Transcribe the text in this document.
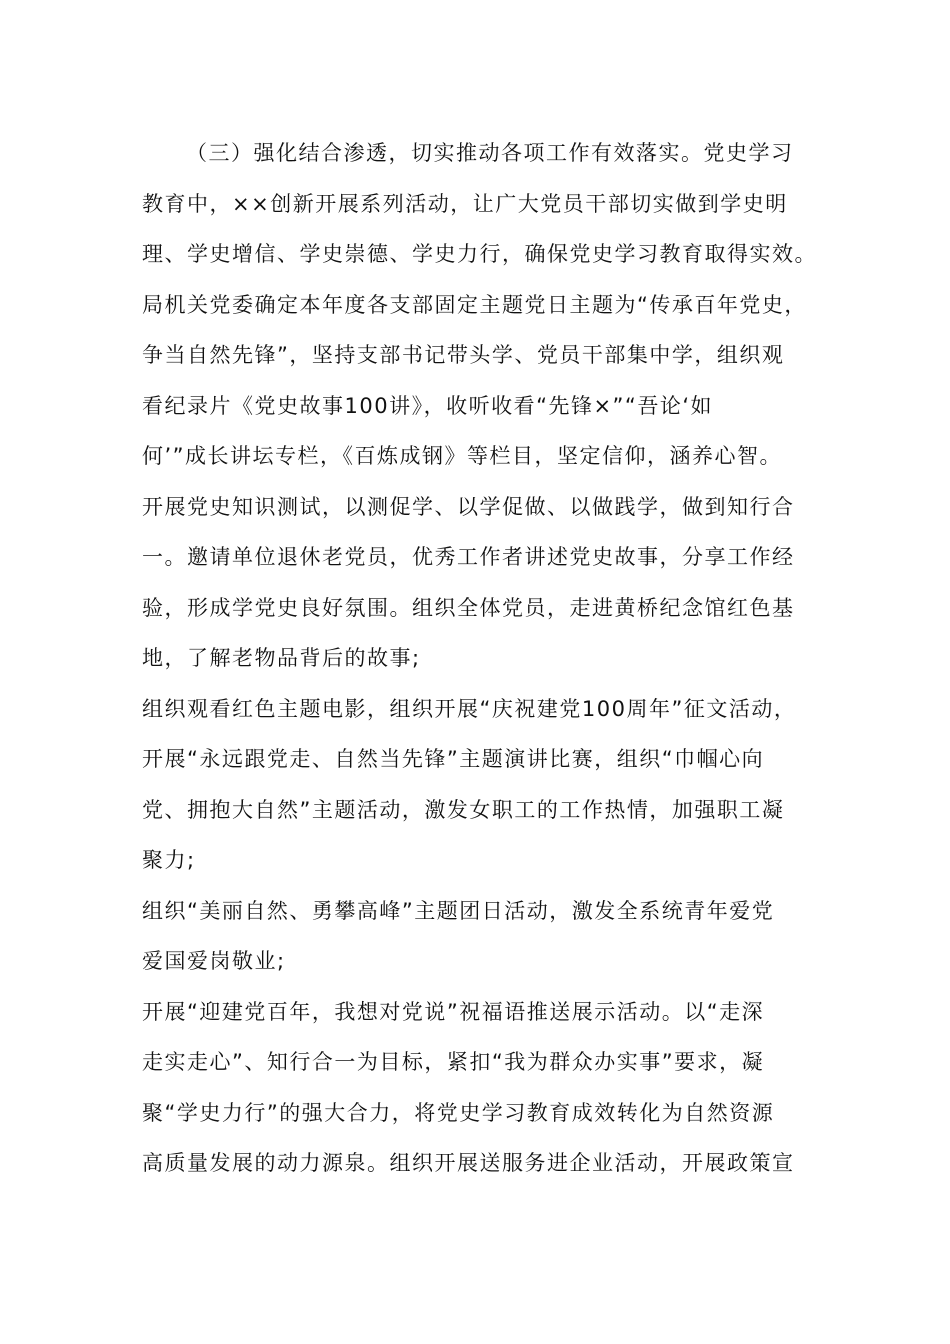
（三）强化结合渗透，切实推动各项工作有效落实。党史学习
教育中，××创新开展系列活动，让广大党员干部切实做到学史明
理、学史增信、学史崇德、学史力行，确保党史学习教育取得实效。
局机关党委确定本年度各支部固定主题党日主题为“传承百年党史，
争当自然先锋”，坚持支部书记带头学、党员干部集中学，组织观
看纪录片《党史故事100讲》，收听收看“先锋×”“吾论‘如
何’”成长讲坛专栏，《百炼成钢》等栏目，坚定信仰，涵养心智。
开展党史知识测试，以测促学、以学促做、以做践学，做到知行合
一。邀请单位退休老党员，优秀工作者讲述党史故事，分享工作经
验，形成学党史良好氛围。组织全体党员，走进黄桥纪念馆红色基
地，了解老物品背后的故事;
组织观看红色主题电影，组织开展“庆祝建党100周年”征文活动，
开展“永远跟党走、自然当先锋”主题演讲比赛，组织“巾帼心向
党、拥抱大自然”主题活动，激发女职工的工作热情，加强职工凝
聚力;
组织“美丽自然、勇攀高峰”主题团日活动，激发全系统青年爱党
爱国爱岗敬业;
开展“迎建党百年，我想对党说”祝福语推送展示活动。以“走深
走实走心”、知行合一为目标，紧扣“我为群众办实事”要求，凝
聚“学史力行”的强大合力，将党史学习教育成效转化为自然资源
高质量发展的动力源泉。组织开展送服务进企业活动，开展政策宣
